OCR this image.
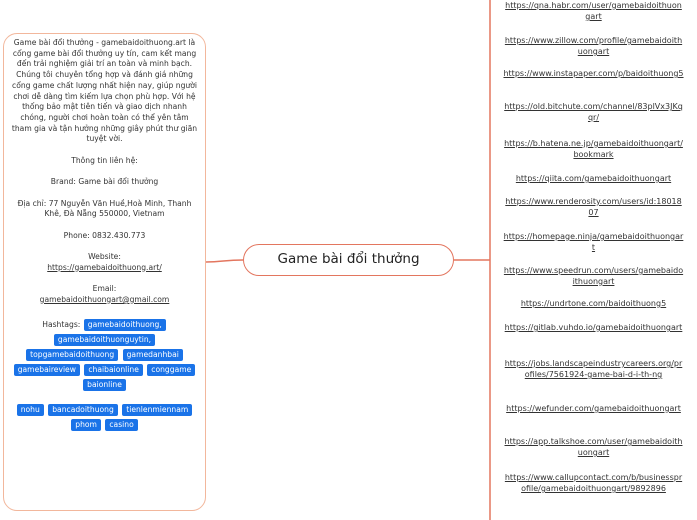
Game bài đổi thưởng - gamebaidoithuong.art là cổng game bài đổi thưởng uy tín, cam kết mang đến trải nghiệm giải trí an toàn và minh bạch. Chúng tôi chuyên tổng hợp và đánh giá những cổng game chất lượng nhất hiện nay, giúp người chơi dễ dàng tìm kiếm lựa chọn phù hợp. Với hệ thống bảo mật tiên tiến và giao dịch nhanh chóng, người chơi hoàn toàn có thể yên tâm tham gia và tận hưởng những giây phút thư giãn tuyệt vời.

Thông tin liên hệ:

Brand: Game bài đổi thưởng

Địa chỉ: 77 Nguyễn Văn Huề,Hoà Minh, Thanh Khê, Đà Nẵng 550000, Vietnam

Phone: 0832.430.773

Website:

https://gamebaidoithuong.art/

Email:

gamebaidoithuongart@gmail.com

Hashtags: gamebaidoithuong, gamebaidoithuonguytin, topgamebaidoithuong gamedanhbai gamebaireview chaibaionline conggame baionline
nohu bancadoithuong tienlenmiennam phom casino
Game bài đổi thưởng

https://qna.habr.com/user/gamebaidoithuongart

https://www.zillow.com/profile/gamebaidoithuongart

https://www.instapaper.com/p/baidoithuong5

https://old.bitchute.com/channel/83plVx3JKqqr/

https://b.hatena.ne.jp/gamebaidoithuongart/bookmark

https://qiita.com/gamebaidoithuongart

https://www.renderosity.com/users/id:1801807

https://homepage.ninja/gamebaidoithuongart

https://www.speedrun.com/users/gamebaidoithuongart

https://undrtone.com/baidoithuong5

https://gitlab.vuhdo.io/gamebaidoithuongart

https://jobs.landscapeindustrycareers.org/profiles/7561924-game-bai-d-i-th-ng

https://wefunder.com/gamebaidoithuongart

https://app.talkshoe.com/user/gamebaidoithuongart

https://www.callupcontact.com/b/businessprofile/gamebaidoithuongart/9892896
